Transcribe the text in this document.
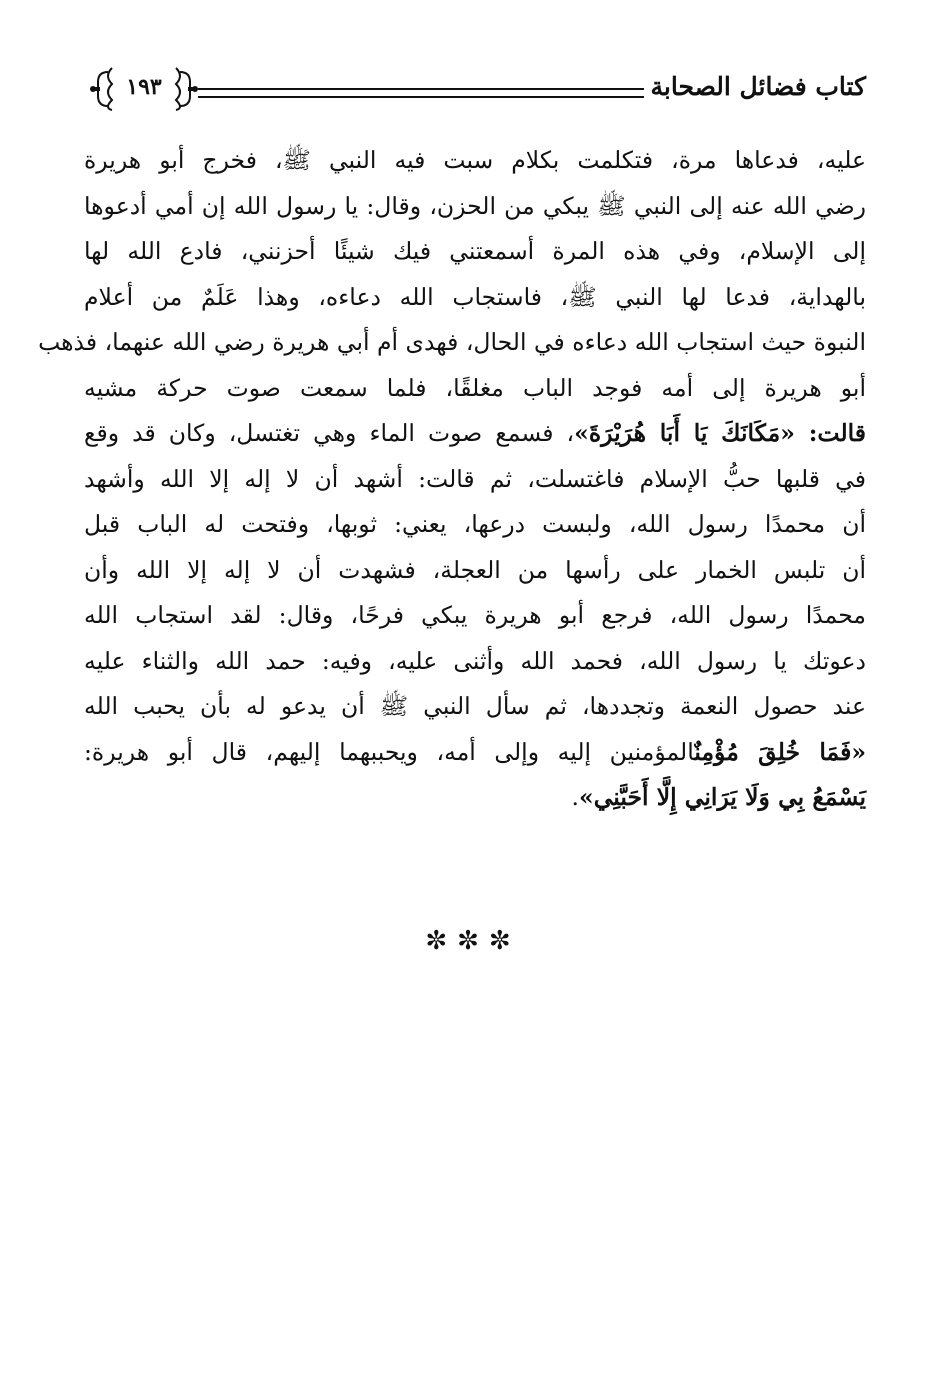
كتاب فضائل الصحابة
١٩٣
عليه، فدعاها مرة، فتكلمت بكلام سبت فيه النبي ﷺ، فخرج أبو هريرة
رضي الله عنه إلى النبي ﷺ يبكي من الحزن، وقال: يا رسول الله إن أمي أدعوها
إلى الإسلام، وفي هذه المرة أسمعتني فيك شيئًا أحزنني، فادع الله لها
بالهداية، فدعا لها النبي ﷺ، فاستجاب الله دعاءه، وهذا عَلَمٌ من أعلام
النبوة حيث استجاب الله دعاءه في الحال، فهدى أم أبي هريرة رضي الله عنهما، فذهب
أبو هريرة إلى أمه فوجد الباب مغلقًا، فلما سمعت صوت حركة مشيه
قالت: «مَكَانَكَ يَا أَبَا هُرَيْرَةَ»، فسمع صوت الماء وهي تغتسل، وكان قد وقع
في قلبها حبُّ الإسلام فاغتسلت، ثم قالت: أشهد أن لا إله إلا الله وأشهد
أن محمدًا رسول الله، ولبست درعها، يعني: ثوبها، وفتحت له الباب قبل
أن تلبس الخمار على رأسها من العجلة، فشهدت أن لا إله إلا الله وأن
محمدًا رسول الله، فرجع أبو هريرة يبكي فرحًا، وقال: لقد استجاب الله
دعوتك يا رسول الله، فحمد الله وأثنى عليه، وفيه: حمد الله والثناء عليه
عند حصول النعمة وتجددها، ثم سأل النبي ﷺ أن يدعو له بأن يحبب الله
«فَمَا خُلِقَ مُؤْمِنٌالمؤمنين إليه وإلى أمه، ويحببهما إليهم، قال أبو هريرة:
يَسْمَعُ بِي وَلَا يَرَانِي إِلَّا أَحَبَّنِي».
✼✼✼
